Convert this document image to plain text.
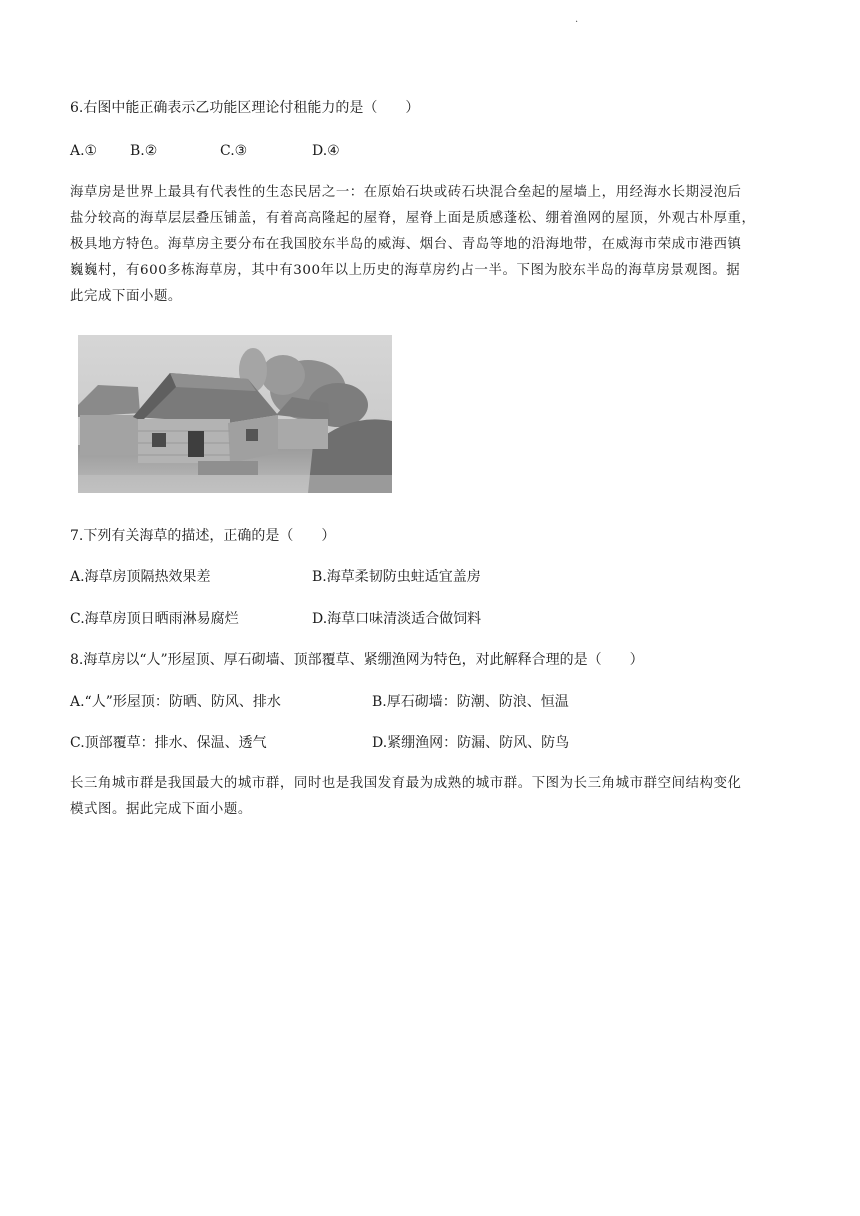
.
6.右图中能正确表示乙功能区理论付租能力的是（　　）
A.① B.②	C.③	D.④
海草房是世界上最具有代表性的生态民居之一：在原始石块或砖石块混合垒起的屋墙上，用经海水长期浸泡后
盐分较高的海草层层叠压铺盖，有着高高隆起的屋脊，屋脊上面是质感蓬松、绷着渔网的屋顶，外观古朴厚重，
极具地方特色。海草房主要分布在我国胶东半岛的威海、烟台、青岛等地的沿海地带，在威海市荣成市港西镇
巍巍村，有600多栋海草房，其中有300年以上历史的海草房约占一半。下图为胶东半岛的海草房景观图。据
此完成下面小题。
7.下列有关海草的描述，正确的是（　　）
A.海草房顶隔热效果差	B.海草柔韧防虫蛀适宜盖房
C.海草房顶日晒雨淋易腐烂	D.海草口味清淡适合做饲料
8.海草房以“人”形屋顶、厚石砌墙、顶部覆草、紧绷渔网为特色，对此解释合理的是（　　）
A.“人”形屋顶：防晒、防风、排水	B.厚石砌墙：防潮、防浪、恒温
C.顶部覆草：排水、保温、透气	D.紧绷渔网：防漏、防风、防鸟
长三角城市群是我国最大的城市群，同时也是我国发育最为成熟的城市群。下图为长三角城市群空间结构变化
模式图。据此完成下面小题。
